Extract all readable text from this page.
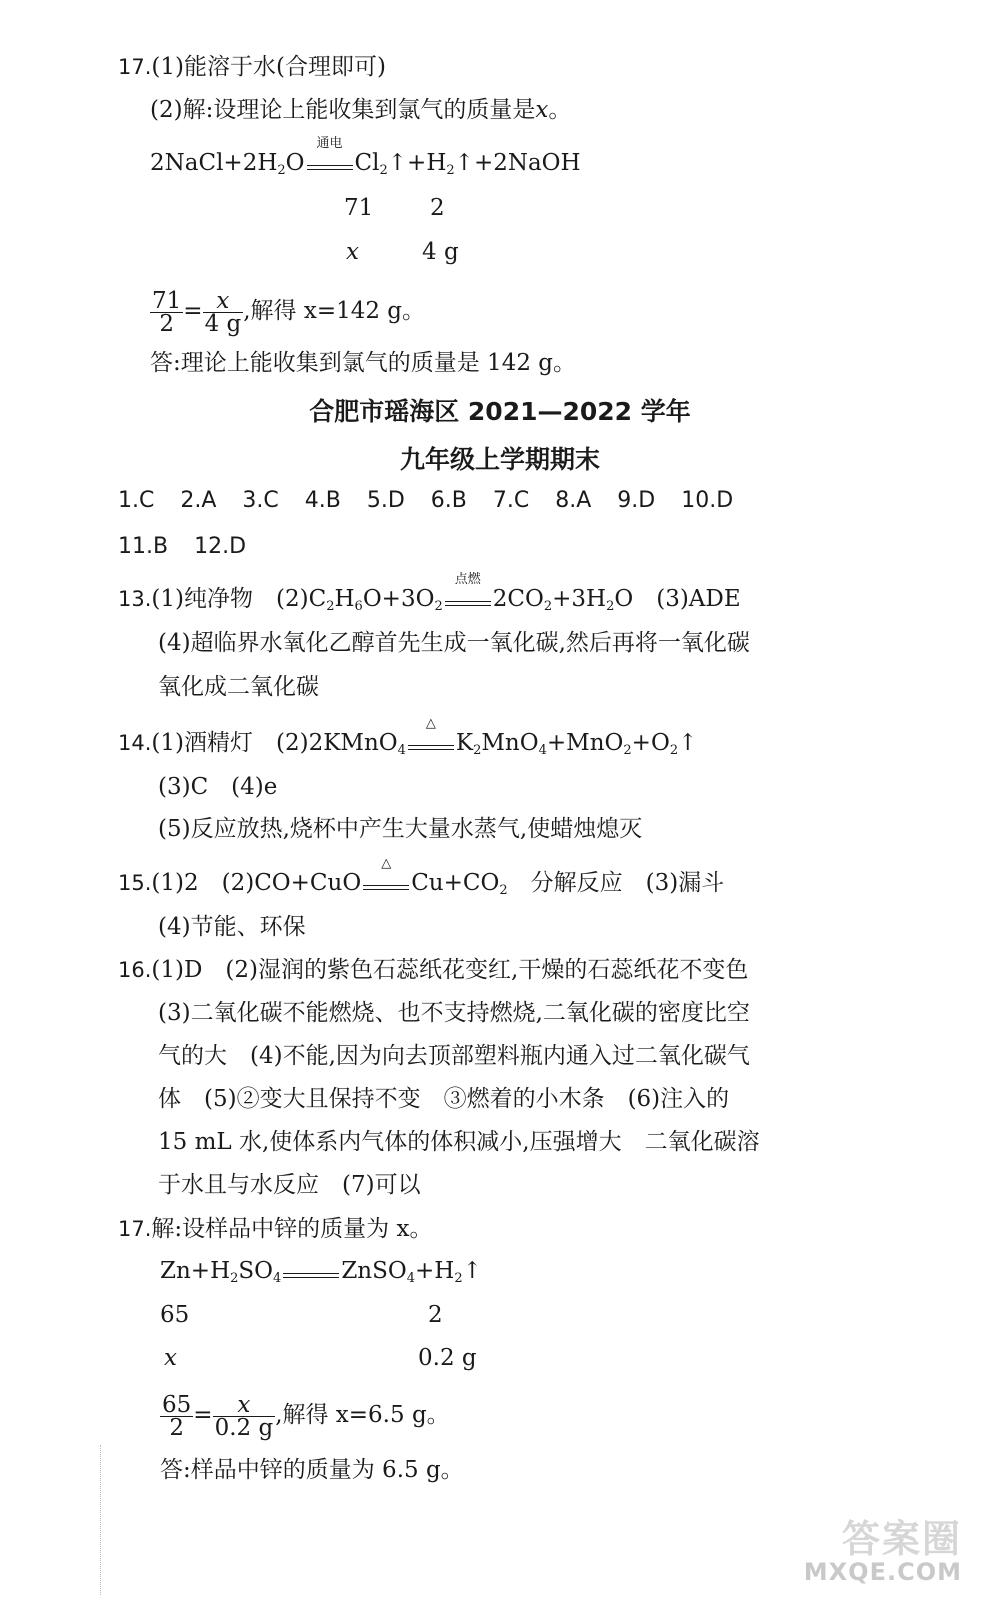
17.(1)能溶于水(合理即可)
(2)解:设理论上能收集到氯气的质量是x。
$2NaCl+2H_2O$
通电
$Cl_2↑+H_2↑+2NaOH$
71 2
x	4 g
$\frac{71}{2} = \frac{x}{4 g}$ ,解得 x=142 g。
答:理论上能收集到氯气的质量是 142 g。
合肥市瑶海区 2021—2022 学年
九年级上学期期末
1.C 2.A 3.C 4.B 5.D 6.B 7.C 8.A 9.D 10.D
11.B 12.D
13.(1)纯净物　 $(2)C_2H_6O+3O_2$
点燃
$2CO_2+3H_2O$　(3)ADE
(4)超临界水氧化乙醇首先生成一氧化碳,然后再将一氧化碳
氧化成二氧化碳
14.(1)酒精灯　 (2)2KMnO$_4$
△
$K_2MnO_4+MnO_2+O_2↑$
(3)C　(4)e
(5)反应放热,烧杯中产生大量水蒸气,使蜡烛熄灭
15.(1)2　 (2)CO+CuO
△
$Cu+CO_2$　 分解反应　 (3)漏斗
(4)节能、环保
16.(1)D　(2)湿润的紫色石蕊纸花变红,干燥的石蕊纸花不变色
(3)二氧化碳不能燃烧、也不支持燃烧,二氧化碳的密度比空
气的大　(4)不能,因为向去顶部塑料瓶内通入过二氧化碳气
体　(5)②变大且保持不变　③燃着的小木条　(6)注入的
15 mL 水,使体系内气体的体积减小,压强增大　二氧化碳溶
于水且与水反应　(7)可以
17.解:设样品中锌的质量为 x。
$Zn+H_2SO_4$	$ZnSO_4+H_2↑$
65	2
x	0.2 g
$\frac{65}{2} = \frac{x}{0.2 g}$ ,解得 x=6.5 g。
答:样品中锌的质量为 6.5 g。
答案圈
MXQE.COM
